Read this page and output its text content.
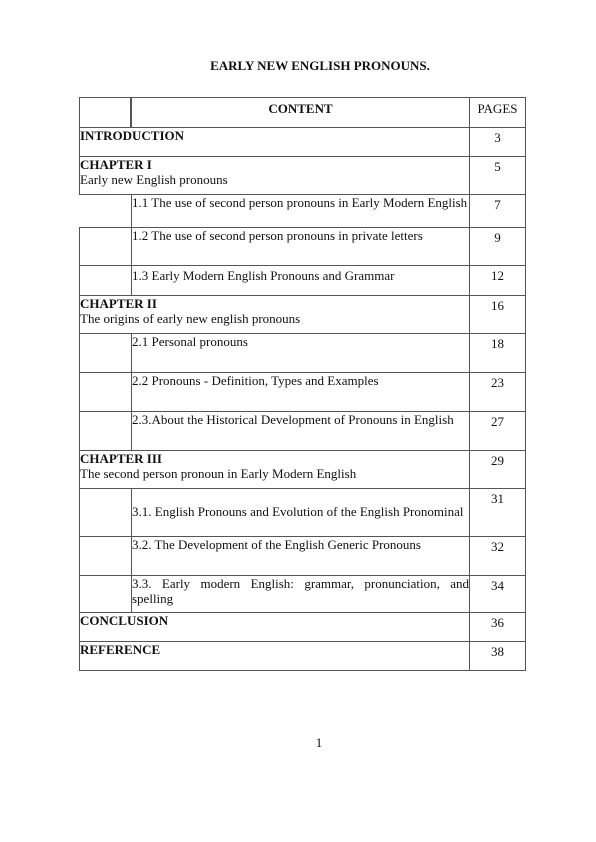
EARLY NEW ENGLISH PRONOUNS.
	CONTENT	PAGES
INTRODUCTION		3

CHAPTER I
Early new English pronouns		5

	1.1 The use of second person pronouns in Early Modern English	7

	1.2 The use of second person pronouns in private letters	9

	1.3 Early Modern English Pronouns and Grammar	12

CHAPTER II
The origins of early new english pronouns		16

	2.1 Personal pronouns	18

	2.2 Pronouns - Definition, Types and Examples	23

	2.3.About the Historical Development of Pronouns in English	27

CHAPTER III
The second person pronoun in Early Modern English		29

	3.1. English Pronouns and Evolution of the English Pronominal	31

	3.2. The Development of the English Generic Pronouns	32

	3.3. Early modern English: grammar, pronunciation, and spelling	34

CONCLUSION		36

REFERENCE		38
1
